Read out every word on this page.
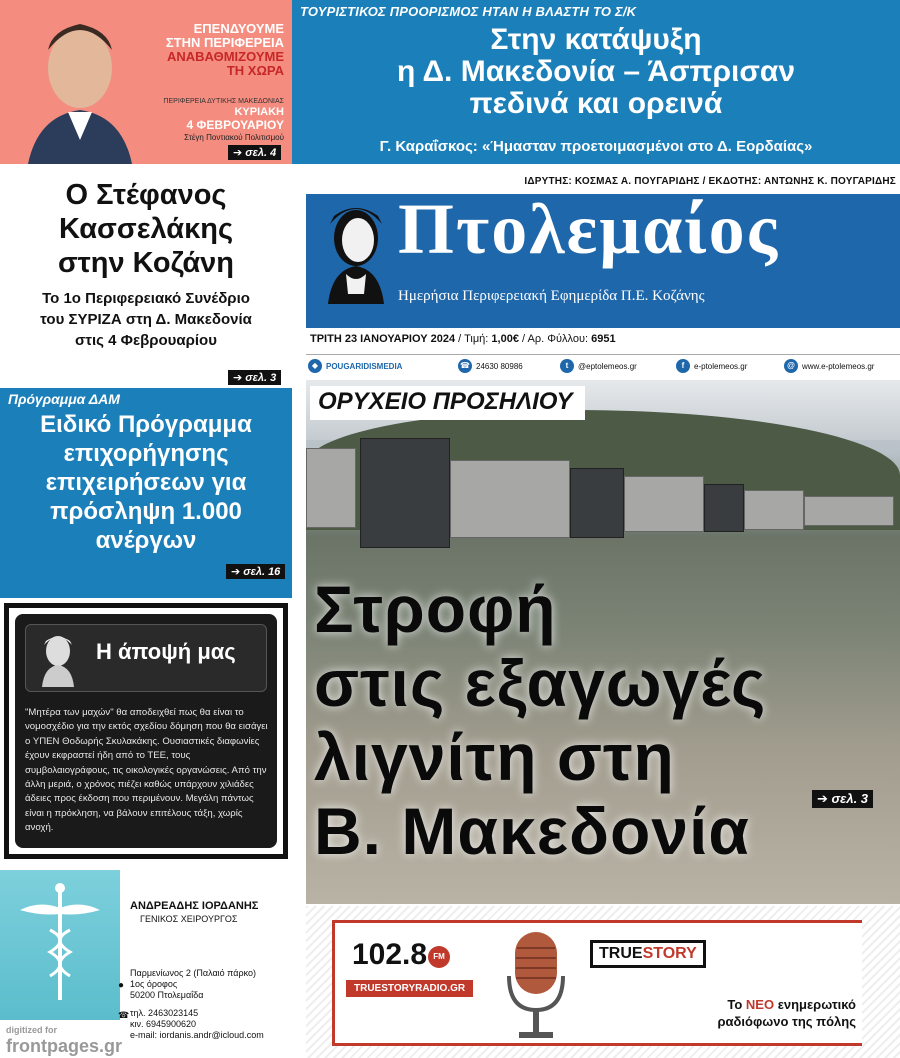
ΕΠΕΝΔΥΟΥΜΕ
ΣΤΗΝ ΠΕΡΙΦΕΡΕΙΑ
ΑΝΑΒΑΘΜΙΖΟΥΜΕ
ΤΗ ΧΩΡΑ
ΠΕΡΙΦΕΡΕΙΑ ΔΥΤΙΚΗΣ ΜΑΚΕΔΟΝΙΑΣ
ΚΥΡΙΑΚΗ
4 ΦΕΒΡΟΥΑΡΙΟΥ
Στέγη Ποντιακού Πολιτισμού
➔ σελ. 4
ΤΟΥΡΙΣΤΙΚΟΣ ΠΡΟΟΡΙΣΜΟΣ ΗΤΑΝ Η ΒΛΑΣΤΗ ΤΟ Σ/Κ
Στην κατάψυξη
η Δ. Μακεδονία – Άσπρισαν
πεδινά και ορεινά
Γ. Καραΐσκος: «Ήμασταν προετοιμασμένοι στο Δ. Εορδαίας»
Ο Στέφανος
Κασσελάκης
στην Κοζάνη
Το 1ο Περιφερειακό Συνέδριο
του ΣΥΡΙΖΑ στη Δ. Μακεδονία
στις 4 Φεβρουαρίου
➔ σελ. 3
Πρόγραμμα ΔΑΜ
Ειδικό Πρόγραμμα
επιχορήγησης
επιχειρήσεων για
πρόσληψη 1.000
ανέργων
➔ σελ. 16
Η άποψή μας
"Μητέρα των μαχών" θα αποδειχθεί πως θα είναι το νομοσχέδιο για την εκτός σχεδίου δόμηση που θα εισάγει ο ΥΠΕΝ Θοδωρής Σκυλακάκης. Ουσιαστικές διαφωνίες έχουν εκφραστεί ήδη από το ΤΕΕ, τους συμβολαιογράφους, τις οικολογικές οργανώσεις. Από την άλλη μεριά, ο χρόνος πιέζει καθώς υπάρχουν χιλιάδες άδειες προς έκδοση που περιμένουν. Μεγάλη πάντως είναι η πρόκληση, να βάλουν επιτέλους τάξη, χωρίς ανοχή.
ΑΝΔΡΕΑΔΗΣ ΙΟΡΔΑΝΗΣ
ΓΕΝΙΚΟΣ ΧΕΙΡΟΥΡΓΟΣ
Παρμενίωνος 2 (Παλαιό πάρκο)
● 1ος όροφος
50200 Πτολεμαΐδα
☎ τηλ. 2463023145
κιν. 6945900620
e-mail: iordanis.andr@icloud.com
digitized for
frontpages.gr
ΙΔΡΥΤΗΣ: ΚΟΣΜΑΣ Α. ΠΟΥΓΑΡΙΔΗΣ / ΕΚΔΟΤΗΣ: ΑΝΤΩΝΗΣ Κ. ΠΟΥΓΑΡΙΔΗΣ
Πτολεμαίος
Ημερήσια Περιφερειακή Εφημερίδα Π.Ε. Κοζάνης
ΤΡΙΤΗ 23 ΙΑΝΟΥΑΡΙΟΥ 2024 / Τιμή: 1,00€ / Αρ. Φύλλου: 6951
◆ POUGARIDISMEDIA	☎ 24630 80986	t	@eptolemeos.gr	f	e-ptolemeos.gr	@ www.e-ptolemeos.gr
ΟΡΥΧΕΙΟ ΠΡΟΣΗΛΙΟΥ
Στροφή
στις εξαγωγές
λιγνίτη στη
Β. Μακεδονία	➔ σελ. 3
102.8 FM
TRUESTORYRADIO.GR
TRUESTORY
Το ΝΕΟ ενημερωτικό
ραδιόφωνο της πόλης
